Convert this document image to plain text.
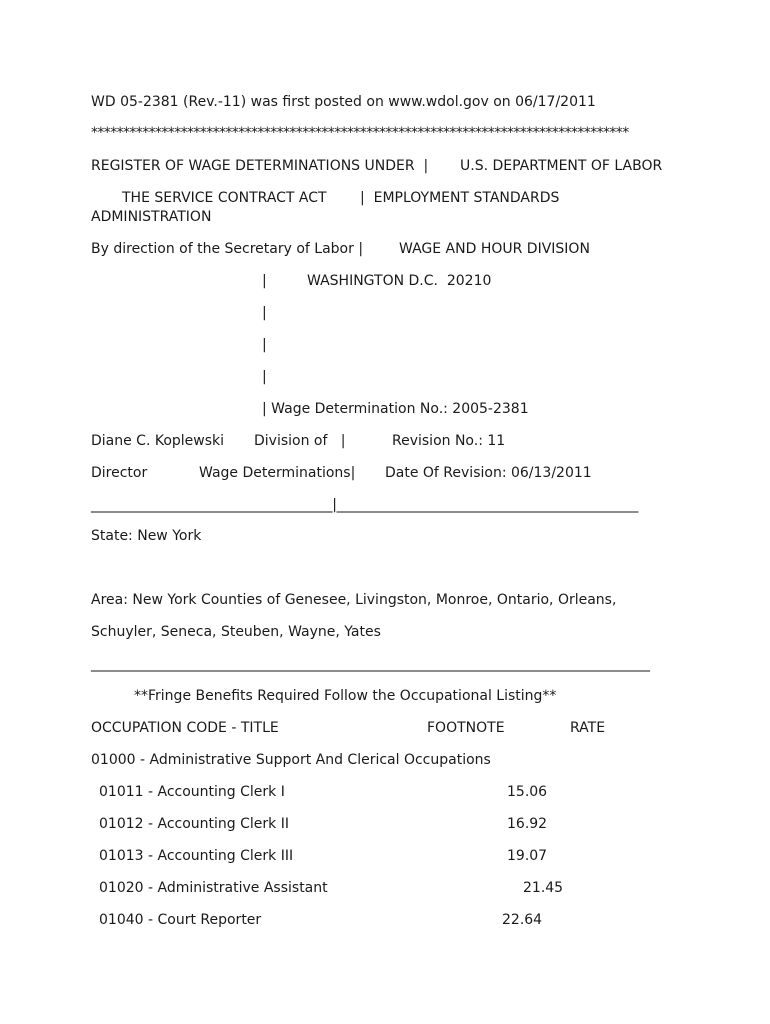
WD 05-2381 (Rev.-11) was first posted on www.wdol.gov on 06/17/2011

************************************************************************************

REGISTER OF WAGE DETERMINATIONS UNDER  | U.S. DEPARTMENT OF LABOR

THE SERVICE CONTRACT ACT |  EMPLOYMENT STANDARDS

ADMINISTRATION

By direction of the Secretary of Labor |	WAGE AND HOUR DIVISION

|	WASHINGTON D.C.  20210

|

|

|

| Wage Determination No.: 2005-2381

Diane C. Koplewski Division of   |	Revision No.: 11

Director	Wage Determinations| Date Of Revision: 06/13/2011

____________________________________|_____________________________________________

State: New York

Area: New York Counties of Genesee, Livingston, Monroe, Ontario, Orleans,

Schuyler, Seneca, Steuben, Wayne, Yates

_________________________________________________________________________________

**Fringe Benefits Required Follow the Occupational Listing**

OCCUPATION CODE - TITLE	FOOTNOTE	RATE

01000 - Administrative Support And Clerical Occupations

01011 - Accounting Clerk I	15.06

01012 - Accounting Clerk II	16.92

01013 - Accounting Clerk III	19.07

01020 - Administrative Assistant	21.45

01040 - Court Reporter	22.64
